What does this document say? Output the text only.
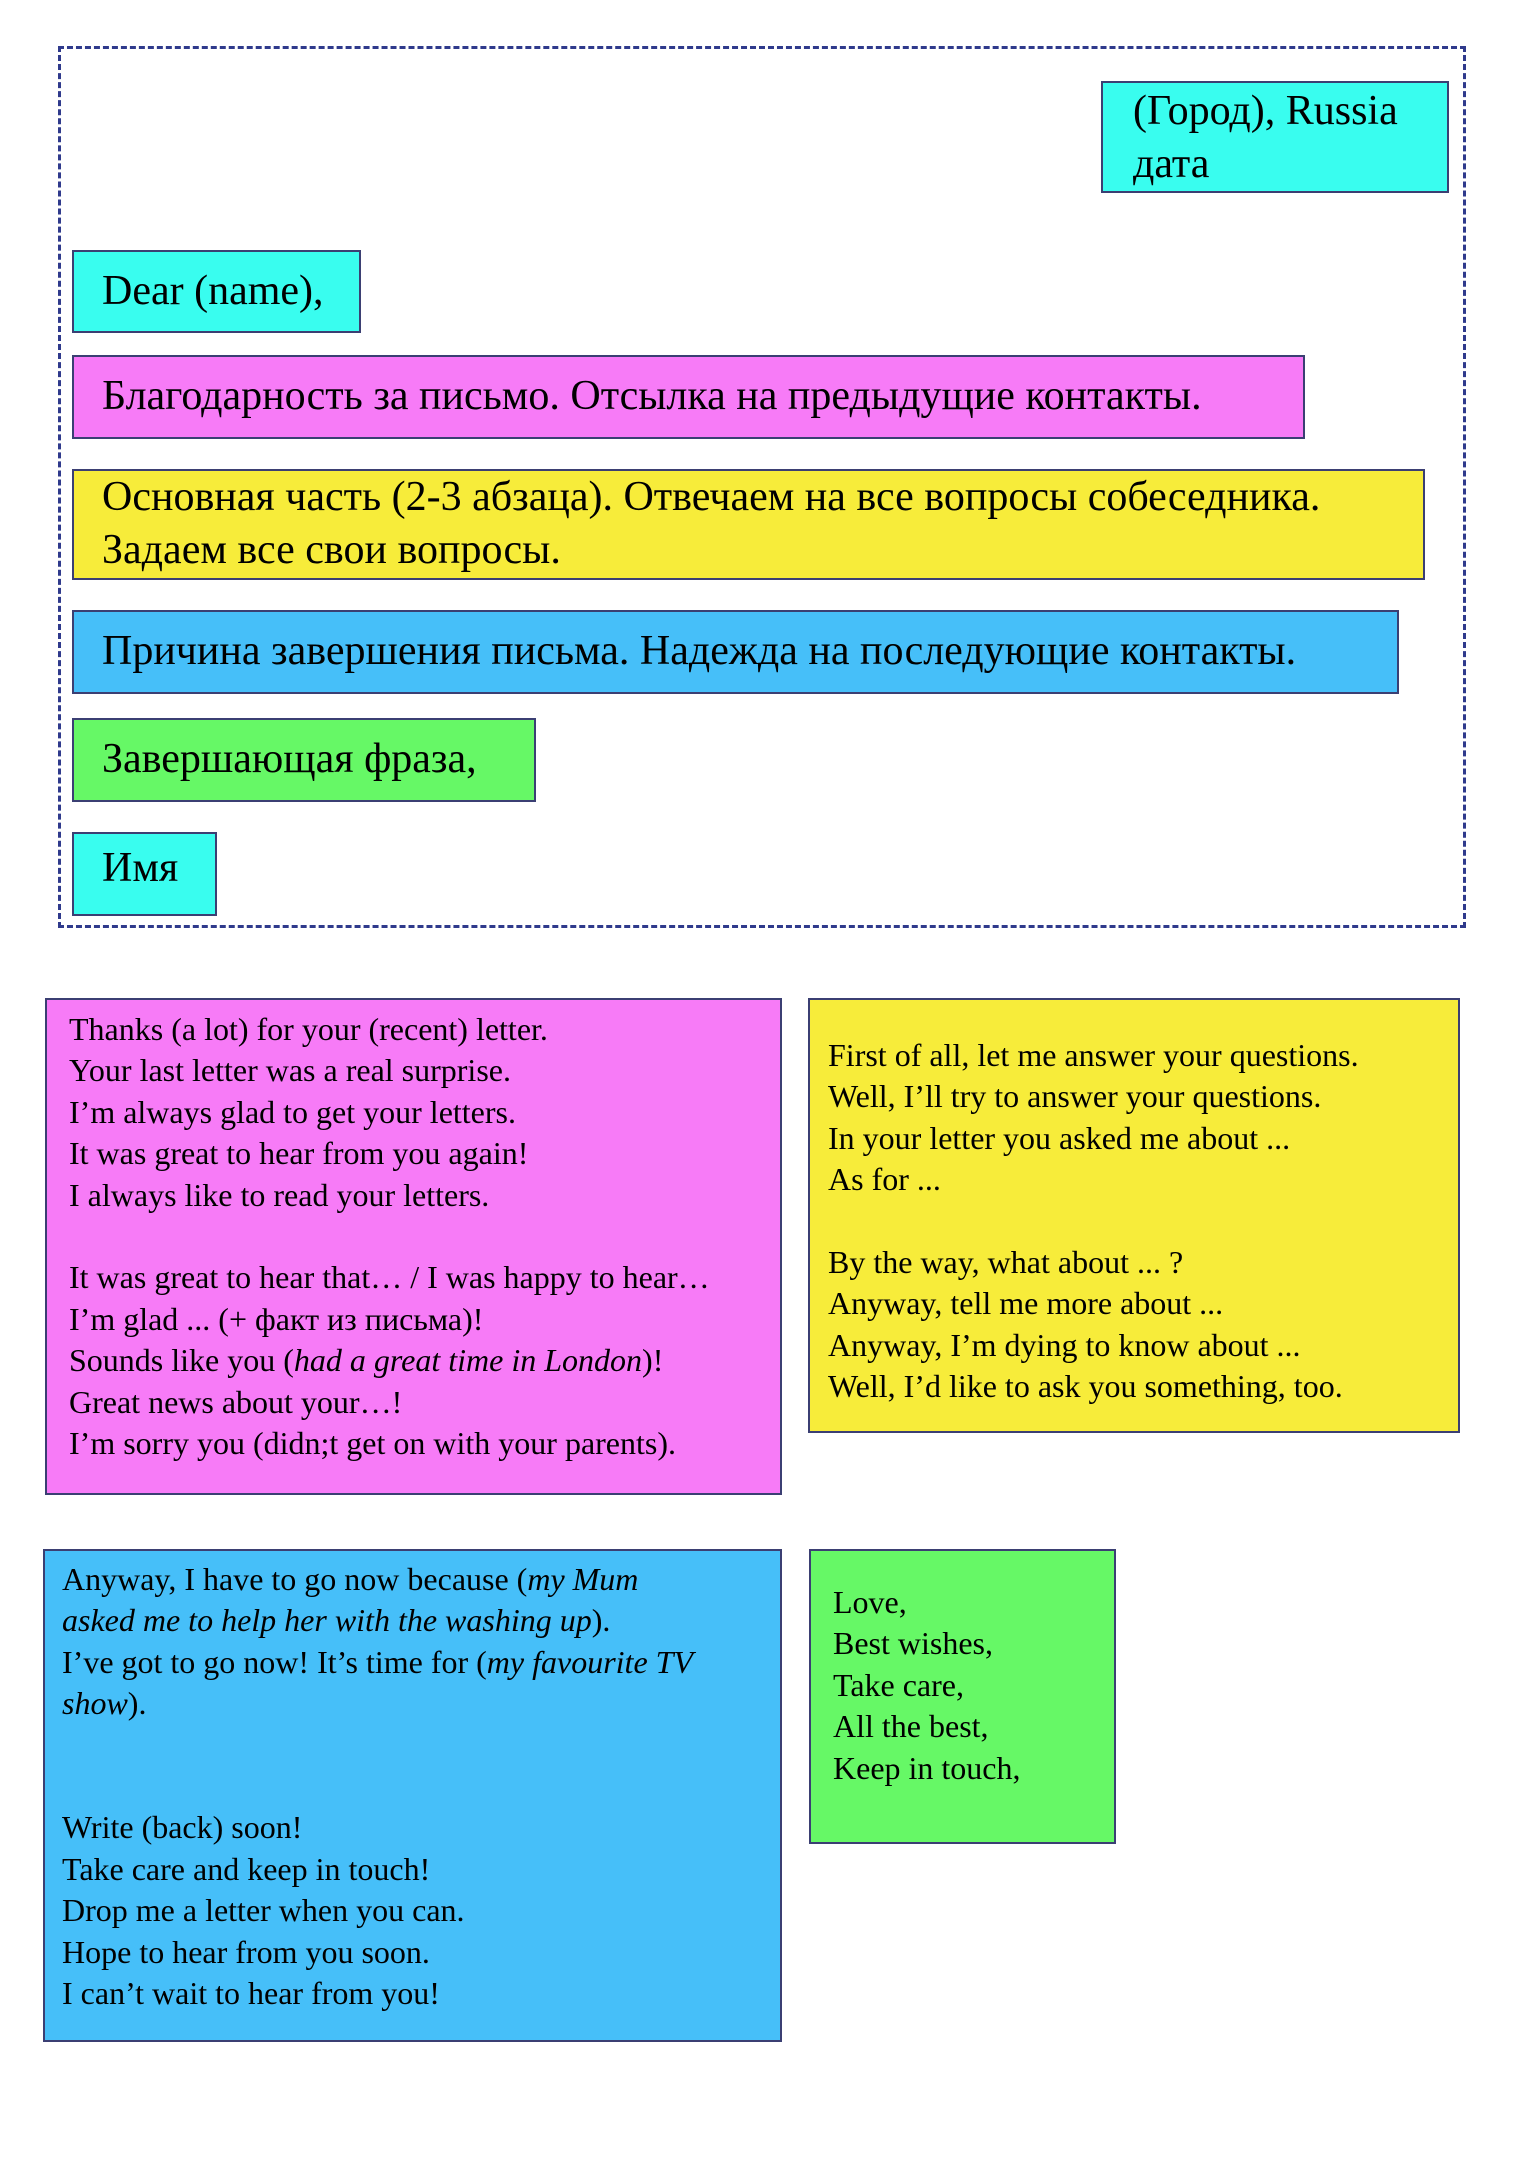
(Город), Russia
дата
Dear (name),
Благодарность за письмо. Отсылка на предыдущие контакты.
Основная часть (2-3 абзаца). Отвечаем на все вопросы собеседника.
Задаем все свои вопросы.
Причина завершения письма. Надежда на последующие контакты.
Завершающая фраза,
Имя
Thanks (a lot) for your (recent) letter.
Your last letter was a real surprise.
I’m always glad to get your letters.
It was great to hear from you again!
I always like to read your letters.
It was great to hear that… / I was happy to hear…
I’m glad ... (+ факт из письма)!
Sounds like you (had a great time in London)!
Great news about your…!
I’m sorry you (didn;t get on with your parents).
First of all, let me answer your questions.
Well, I’ll try to answer your questions.
In your letter you asked me about ...
As for ...
By the way, what about ... ?
Anyway, tell me more about ...
Anyway, I’m dying to know about ...
Well, I’d like to ask you something, too.
Anyway, I have to go now because (my Mum
asked me to help her with the washing up).
I’ve got to go now! It’s time for (my favourite TV
show).
Write (back) soon!
Take care and keep in touch!
Drop me a letter when you can.
Hope to hear from you soon.
I can’t wait to hear from you!
Love,
Best wishes,
Take care,
All the best,
Keep in touch,
